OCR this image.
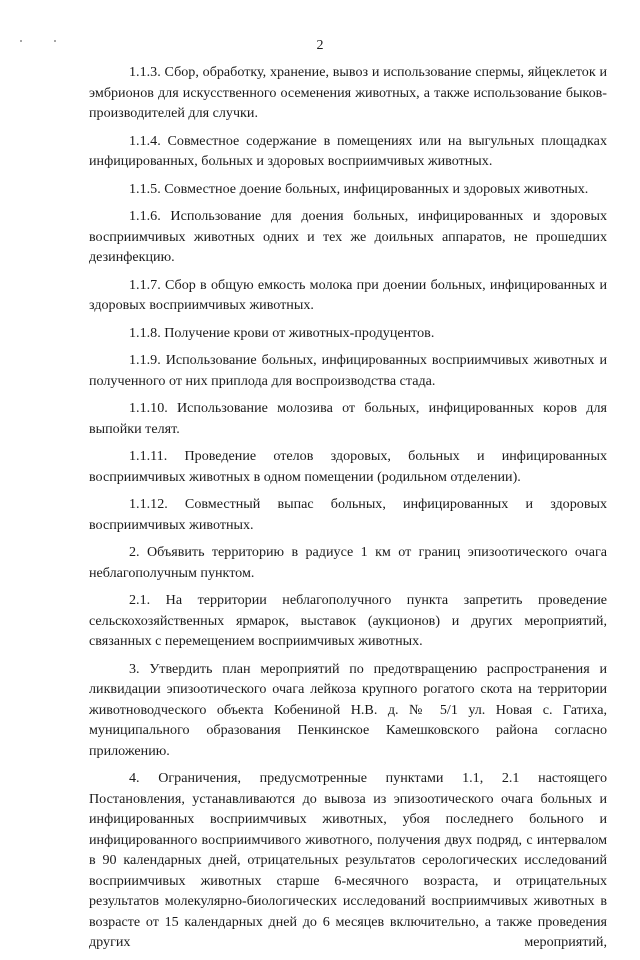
2

1.1.3. Сбор, обработку, хранение, вывоз и использование спермы, яйцеклеток и эмбрионов для искусственного осеменения животных, а также использование быков-производителей для случки.

1.1.4. Совместное содержание в помещениях или на выгульных площадках инфицированных, больных и здоровых восприимчивых животных.

1.1.5. Совместное доение больных, инфицированных и здоровых животных.

1.1.6. Использование для доения больных, инфицированных и здоровых восприимчивых животных одних и тех же доильных аппаратов, не прошедших дезинфекцию.

1.1.7. Сбор в общую емкость молока при доении больных, инфицированных и здоровых восприимчивых животных.

1.1.8. Получение крови от животных-продуцентов.

1.1.9. Использование больных, инфицированных восприимчивых животных и полученного от них приплода для воспроизводства стада.

1.1.10. Использование молозива от больных, инфицированных коров для выпойки телят.

1.1.11. Проведение отелов здоровых, больных и инфицированных восприимчивых животных в одном помещении (родильном отделении).

1.1.12. Совместный выпас больных, инфицированных и здоровых восприимчивых животных.

2. Объявить территорию в радиусе 1 км от границ эпизоотического очага неблагополучным пунктом.

2.1. На территории неблагополучного пункта запретить проведение сельскохозяйственных ярмарок, выставок (аукционов) и других мероприятий, связанных с перемещением восприимчивых животных.

3. Утвердить план мероприятий по предотвращению распространения и ликвидации эпизоотического очага лейкоза крупного рогатого скота на территории животноводческого объекта Кобениной Н.В. д. № 5/1 ул. Новая с. Гатиха, муниципального образования Пенкинское Камешковского района согласно приложению.

4. Ограничения, предусмотренные пунктами 1.1, 2.1 настоящего Постановления, устанавливаются до вывоза из эпизоотического очага больных и инфицированных восприимчивых животных, убоя последнего больного и инфицированного восприимчивого животного, получения двух подряд, с интервалом в 90 календарных дней, отрицательных результатов серологических исследований восприимчивых животных старше 6-месячного возраста, и отрицательных результатов молекулярно-биологических исследований восприимчивых животных в возрасте от 15 календарных дней до 6 месяцев включительно, а также проведения других мероприятий,
